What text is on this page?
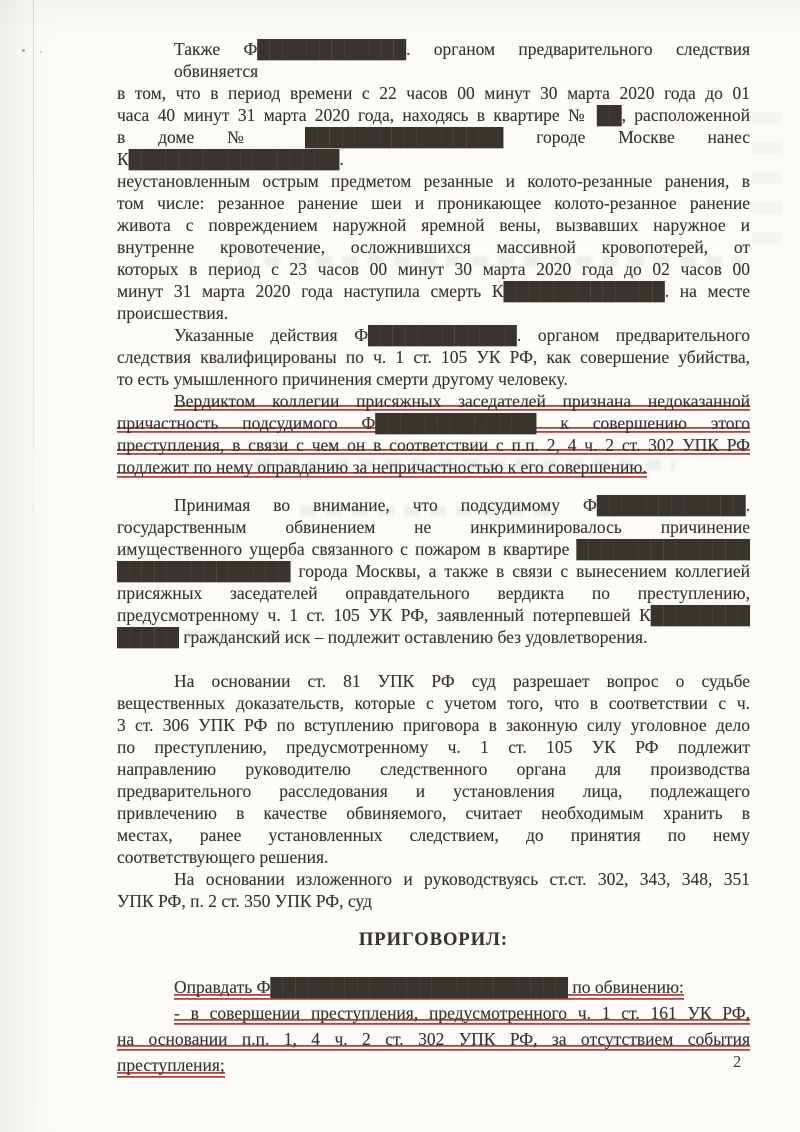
Также Ф████████████. органом предварительного следствия обвиняется
в том, что в период времени с 22 часов 00 минут 30 марта 2020 года до 01
часа 40 минут 31 марта 2020 года, находясь в квартире № ██, расположенной
в доме № ████████████████ городе Москве нанес К█████████████████.
неустановленным острым предметом резанные и колото-резанные ранения, в
том числе: резанное ранение шеи и проникающее колото-резанное ранение
живота с повреждением наружной яремной вены, вызвавших наружное и
внутренне кровотечение, осложнившихся массивной кровопотерей, от
которых в период с 23 часов 00 минут 30 марта 2020 года до 02 часов 00
минут 31 марта 2020 года наступила смерть К█████████████. на месте
происшествия.
Указанные действия Ф████████████. органом предварительного
следствия квалифицированы по ч. 1 ст. 105 УК РФ, как совершение убийства,
то есть умышленного причинения смерти другому человеку.
Вердиктом коллегии присяжных заседателей признана недоказанной
причастность подсудимого Ф█████████████ к совершению этого
преступления, в связи с чем он в соответствии с п.п. 2, 4 ч. 2 ст. 302 УПК РФ
подлежит по нему оправданию за непричастностью к его совершению.
Принимая во внимание, что подсудимому Ф████████████.
государственным обвинением не инкриминировалось причинение
имущественного ущерба связанного с пожаром в квартире ██████████████
██████████████ города Москвы, а также в связи с вынесением коллегией
присяжных заседателей оправдательного вердикта по преступлению,
предусмотренному ч. 1 ст. 105 УК РФ, заявленный потерпевшей К████████
█████ гражданский иск – подлежит оставлению без удовлетворения.
На основании ст. 81 УПК РФ суд разрешает вопрос о судьбе
вещественных доказательств, которые с учетом того, что в соответствии с ч.
3 ст. 306 УПК РФ по вступлению приговора в законную силу уголовное дело
по преступлению, предусмотренному ч. 1 ст. 105 УК РФ подлежит
направлению руководителю следственного органа для производства
предварительного расследования и установления лица, подлежащего
привлечению в качестве обвиняемого, считает необходимым хранить в
местах, ранее установленных следствием, до принятия по нему
соответствующего решения.
На основании изложенного и руководствуясь ст.ст. 302, 343, 348, 351
УПК РФ, п. 2 ст. 350 УПК РФ, суд
ПРИГОВОРИЛ:
Оправдать Ф████████████████████████ по обвинению:
- в совершении преступления, предусмотренного ч. 1 ст. 161 УК РФ,
на основании п.п. 1, 4 ч. 2 ст. 302 УПК РФ, за отсутствием события
преступления;	2
